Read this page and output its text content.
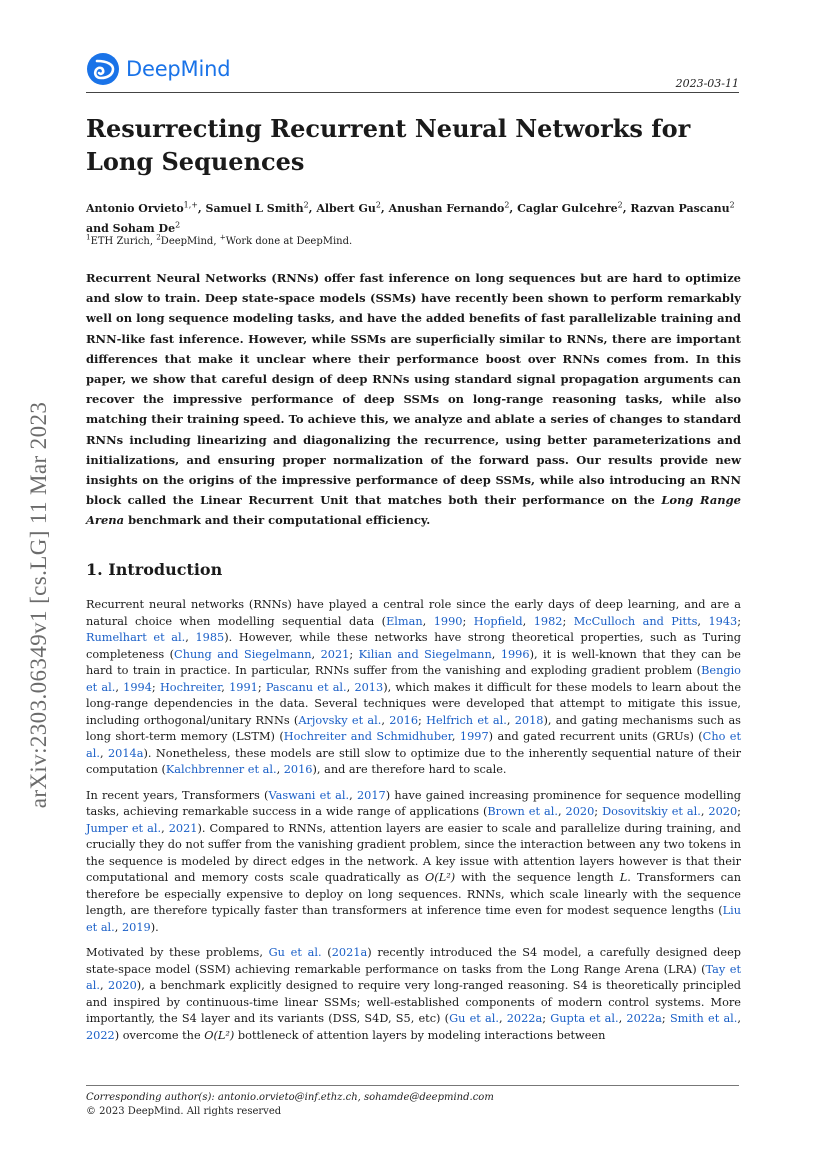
DeepMind
2023-03-11
arXiv:2303.06349v1 [cs.LG] 11 Mar 2023
Resurrecting Recurrent Neural Networks for Long Sequences

Antonio Orvieto$^{1,+}$, Samuel L Smith$^2$, Albert Gu$^2$, Anushan Fernando$^2$, Caglar Gulcehre$^2$, Razvan Pascanu$^2$
and Soham De$^2$

$^1$ETH Zurich, $^2$DeepMind, +Work done at DeepMind.

Recurrent Neural Networks (RNNs) offer fast inference on long sequences but are hard to optimize and slow to train. Deep state-space models (SSMs) have recently been shown to perform remarkably well on long sequence modeling tasks, and have the added benefits of fast parallelizable training and RNN-like fast inference. However, while SSMs are superficially similar to RNNs, there are important differences that make it unclear where their performance boost over RNNs comes from. In this paper, we show that careful design of deep RNNs using standard signal propagation arguments can recover the impressive performance of deep SSMs on long-range reasoning tasks, while also matching their training speed. To achieve this, we analyze and ablate a series of changes to standard RNNs including linearizing and diagonalizing the recurrence, using better parameterizations and initializations, and ensuring proper normalization of the forward pass. Our results provide new insights on the origins of the impressive performance of deep SSMs, while also introducing an RNN block called the Linear Recurrent Unit that matches both their performance on the Long Range Arena benchmark and their computational efficiency.

1. Introduction

Recurrent neural networks (RNNs) have played a central role since the early days of deep learning, and are a natural choice when modelling sequential data (Elman, 1990; Hopfield, 1982; McCulloch and Pitts, 1943; Rumelhart et al., 1985). However, while these networks have strong theoretical properties, such as Turing completeness (Chung and Siegelmann, 2021; Kilian and Siegelmann, 1996), it is well-known that they can be hard to train in practice. In particular, RNNs suffer from the vanishing and exploding gradient problem (Bengio et al., 1994; Hochreiter, 1991; Pascanu et al., 2013), which makes it difficult for these models to learn about the long-range dependencies in the data. Several techniques were developed that attempt to mitigate this issue, including orthogonal/unitary RNNs (Arjovsky et al., 2016; Helfrich et al., 2018), and gating mechanisms such as long short-term memory (LSTM) (Hochreiter and Schmidhuber, 1997) and gated recurrent units (GRUs) (Cho et al., 2014a). Nonetheless, these models are still slow to optimize due to the inherently sequential nature of their computation (Kalchbrenner et al., 2016), and are therefore hard to scale.

In recent years, Transformers (Vaswani et al., 2017) have gained increasing prominence for sequence modelling tasks, achieving remarkable success in a wide range of applications (Brown et al., 2020; Dosovitskiy et al., 2020; Jumper et al., 2021). Compared to RNNs, attention layers are easier to scale and parallelize during training, and crucially they do not suffer from the vanishing gradient problem, since the interaction between any two tokens in the sequence is modeled by direct edges in the network. A key issue with attention layers however is that their computational and memory costs scale quadratically as O(L²) with the sequence length L. Transformers can therefore be especially expensive to deploy on long sequences. RNNs, which scale linearly with the sequence length, are therefore typically faster than transformers at inference time even for modest sequence lengths (Liu et al., 2019).

Motivated by these problems, Gu et al. (2021a) recently introduced the S4 model, a carefully designed deep state-space model (SSM) achieving remarkable performance on tasks from the Long Range Arena (LRA) (Tay et al., 2020), a benchmark explicitly designed to require very long-ranged reasoning. S4 is theoretically principled and inspired by continuous-time linear SSMs; well-established components of modern control systems. More importantly, the S4 layer and its variants (DSS, S4D, S5, etc) (Gu et al., 2022a; Gupta et al., 2022a; Smith et al., 2022) overcome the O(L²) bottleneck of attention layers by modeling interactions between

Corresponding author(s): antonio.orvieto@inf.ethz.ch, sohamde@deepmind.com
© 2023 DeepMind. All rights reserved
